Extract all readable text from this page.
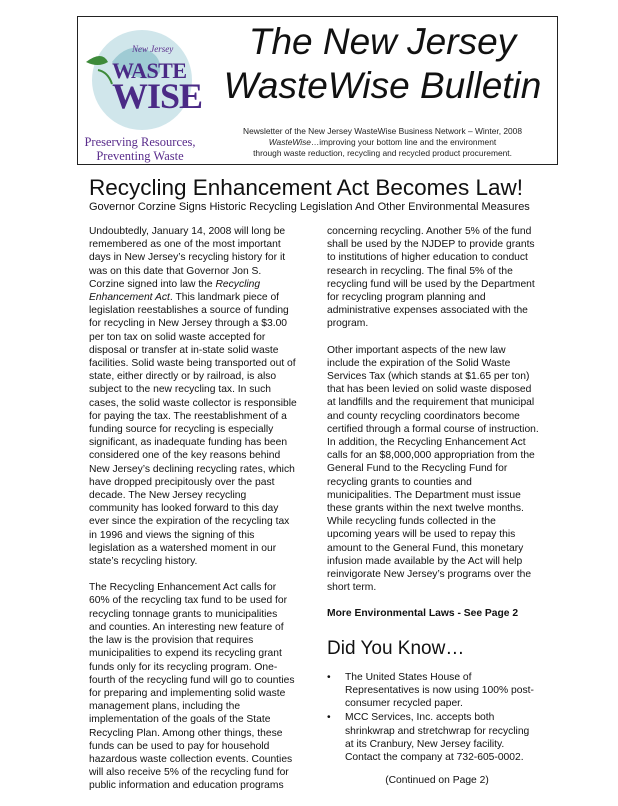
New Jersey
WASTE
WISE
Preserving Resources,
Preventing Waste
The New Jersey
WasteWise Bulletin
Newsletter of the New Jersey WasteWise Business Network – Winter, 2008
WasteWise…improving your bottom line and the environment
through waste reduction, recycling and recycled product procurement.
Recycling Enhancement Act Becomes Law!
Governor Corzine Signs Historic Recycling Legislation And Other Environmental Measures

Undoubtedly, January 14, 2008 will long be remembered as one of the most important days in New Jersey’s recycling history for it was on this date that Governor Jon S. Corzine signed into law the Recycling Enhancement Act. This landmark piece of legislation reestablishes a source of funding for recycling in New Jersey through a $3.00 per ton tax on solid waste accepted for disposal or transfer at in-state solid waste facilities. Solid waste being transported out of state, either directly or by railroad, is also subject to the new recycling tax. In such cases, the solid waste collector is responsible for paying the tax. The reestablishment of a funding source for recycling is especially significant, as inadequate funding has been considered one of the key reasons behind New Jersey’s declining recycling rates, which have dropped precipitously over the past decade. The New Jersey recycling community has looked forward to this day ever since the expiration of the recycling tax in 1996 and views the signing of this legislation as a watershed moment in our state’s recycling history.

The Recycling Enhancement Act calls for 60% of the recycling tax fund to be used for recycling tonnage grants to municipalities and counties. An interesting new feature of the law is the provision that requires municipalities to expend its recycling grant funds only for its recycling program. One-fourth of the recycling fund will go to counties for preparing and implementing solid waste management plans, including the implementation of the goals of the State Recycling Plan. Among other things, these funds can be used to pay for household hazardous waste collection events. Counties will also receive 5% of the recycling fund for public information and education programs

concerning recycling. Another 5% of the fund shall be used by the NJDEP to provide grants to institutions of higher education to conduct research in recycling. The final 5% of the recycling fund will be used by the Department for recycling program planning and administrative expenses associated with the program.

Other important aspects of the new law include the expiration of the Solid Waste Services Tax (which stands at $1.65 per ton) that has been levied on solid waste disposed at landfills and the requirement that municipal and county recycling coordinators become certified through a formal course of instruction. In addition, the Recycling Enhancement Act calls for an $8,000,000 appropriation from the General Fund to the Recycling Fund for recycling grants to counties and municipalities. The Department must issue these grants within the next twelve months. While recycling funds collected in the upcoming years will be used to repay this amount to the General Fund, this monetary infusion made available by the Act will help reinvigorate New Jersey’s programs over the short term.

More Environmental Laws - See Page 2

Did You Know…
• The United States House of Representatives is now using 100% post-consumer recycled paper.
• MCC Services, Inc. accepts both shrinkwrap and stretchwrap for recycling at its Cranbury, New Jersey facility. Contact the company at 732-605-0002.
(Continued on Page 2)
